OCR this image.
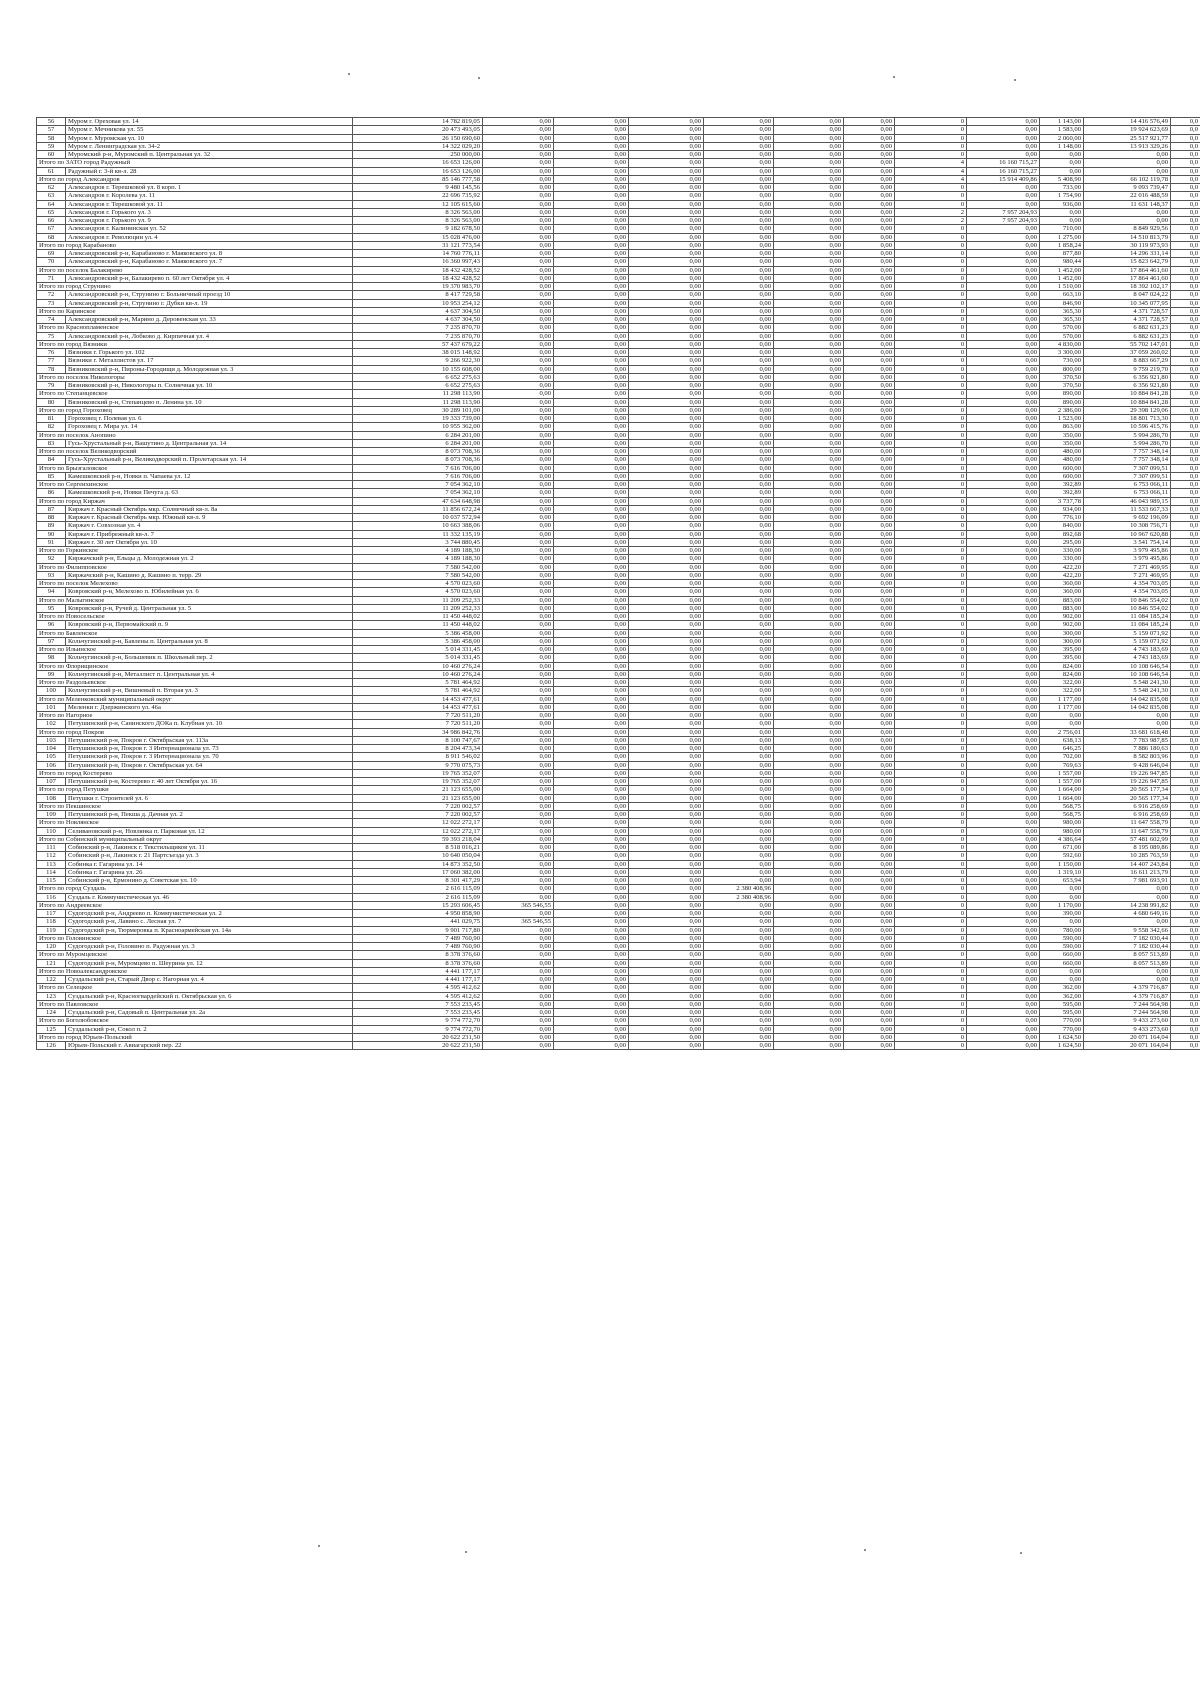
56	Муром г. Ореховая ул. 14	14 782 819,05	0,00	0,00	0,00	0,00	0,00	0,00	0	0,00	1 143,00	14 416 576,49	0,0
57	Муром г. Мечникова ул. 55	20 473 493,05	0,00	0,00	0,00	0,00	0,00	0,00	0	0,00	1 583,00	19 924 623,69	0,0
58	Муром г. Муромская ул. 10	26 150 690,60	0,00	0,00	0,00	0,00	0,00	0,00	0	0,00	2 060,00	25 517 921,77	0,0
59	Муром г. Ленинградская ул. 34-2	14 322 029,20	0,00	0,00	0,00	0,00	0,00	0,00	0	0,00	1 148,00	13 913 329,26	0,0
60	Муромский р-н, Муромский п. Центральная ул. 32	250 000,00	0,00	0,00	0,00	0,00	0,00	0,00	0	0,00	0,00	0,00	0,0
Итого по ЗАТО город Радужный		16 653 126,00	0,00	0,00	0,00	0,00	0,00	0,00	4	16 160 715,27	0,00	0,00	0,0
61	Радужный г. 3-й кв-л. 28	16 653 126,00	0,00	0,00	0,00	0,00	0,00	0,00	4	16 160 715,27	0,00	0,00	0,0
Итого по город Александров		85 146 777,58	0,00	0,00	0,00	0,00	0,00	0,00	4	15 914 409,86	5 408,90	66 102 119,78	0,0
62	Александров г. Терешковой ул. 8 корп. 1	9 480 145,56	0,00	0,00	0,00	0,00	0,00	0,00	0	0,00	733,00	9 093 739,47	0,0
63	Александров г. Королева ул. 11	22 696 735,92	0,00	0,00	0,00	0,00	0,00	0,00	0	0,00	1 754,90	22 016 488,59	0,0
64	Александров г. Терешковой ул. 11	12 105 615,60	0,00	0,00	0,00	0,00	0,00	0,00	0	0,00	936,00	11 631 148,37	0,0
65	Александров г. Горького ул. 3	8 326 563,00	0,00	0,00	0,00	0,00	0,00	0,00	2	7 957 204,93	0,00	0,00	0,0
66	Александров г. Горького ул. 9	8 326 563,00	0,00	0,00	0,00	0,00	0,00	0,00	2	7 957 204,93	0,00	0,00	0,0
67	Александров г. Калининская ул. 52	9 182 678,50	0,00	0,00	0,00	0,00	0,00	0,00	0	0,00	710,00	8 849 929,56	0,0
68	Александров г. Революции ул. 4	15 028 476,00	0,00	0,00	0,00	0,00	0,00	0,00	0	0,00	1 275,00	14 510 813,79	0,0
Итого по город Карабаново		31 121 773,54	0,00	0,00	0,00	0,00	0,00	0,00	0	0,00	1 858,24	30 119 973,93	0,0
69	Александровский р-н, Карабаново г. Маяковского ул. 8	14 760 776,11	0,00	0,00	0,00	0,00	0,00	0,00	0	0,00	877,80	14 296 331,14	0,0
70	Александровский р-н, Карабаново г. Маяковского ул. 7	16 360 997,43	0,00	0,00	0,00	0,00	0,00	0,00	0	0,00	980,44	15 823 642,79	0,0
Итого по поселок Балакирево		18 432 428,52	0,00	0,00	0,00	0,00	0,00	0,00	0	0,00	1 452,00	17 864 461,60	0,0
71	Александровский р-н, Балакирево п. 60 лет Октября ул. 4	18 432 428,52	0,00	0,00	0,00	0,00	0,00	0,00	0	0,00	1 452,00	17 864 461,60	0,0
Итого по город Струнино		19 370 983,70	0,00	0,00	0,00	0,00	0,00	0,00	0	0,00	1 510,00	18 392 102,17	0,0
72	Александровский р-н, Струнино г. Больничный проезд 10	8 417 729,58	0,00	0,00	0,00	0,00	0,00	0,00	0	0,00	663,10	8 047 024,22	0,0
73	Александровский р-н, Струнино г. Дубки кв-л. 19	10 953 254,12	0,00	0,00	0,00	0,00	0,00	0,00	0	0,00	846,90	10 345 077,95	0,0
Итого по Каринское		4 637 304,50	0,00	0,00	0,00	0,00	0,00	0,00	0	0,00	365,30	4 371 728,57	0,0
74	Александровский р-н, Марино д. Деровенская ул. 33	4 637 304,50	0,00	0,00	0,00	0,00	0,00	0,00	0	0,00	365,30	4 371 728,57	0,0
Итого по Краснопламенское		7 235 870,70	0,00	0,00	0,00	0,00	0,00	0,00	0	0,00	570,00	6 882 631,23	0,0
75	Александровский р-н, Лобково д. Кирпичная ул. 4	7 235 870,70	0,00	0,00	0,00	0,00	0,00	0,00	0	0,00	570,00	6 882 631,23	0,0
Итого по город Вязники		57 437 679,22	0,00	0,00	0,00	0,00	0,00	0,00	0	0,00	4 830,00	55 702 147,01	0,0
76	Вязники г. Горького ул. 102	38 015 148,92	0,00	0,00	0,00	0,00	0,00	0,00	0	0,00	3 300,00	37 059 260,02	0,0
77	Вязники г. Металлистов ул. 17	9 266 922,30	0,00	0,00	0,00	0,00	0,00	0,00	0	0,00	730,00	8 883 667,29	0,0
78	Вязниковский р-н, Пироны-Городищи д. Молодежная ул. 3	10 155 608,00	0,00	0,00	0,00	0,00	0,00	0,00	0	0,00	800,00	9 759 219,70	0,0
Итого по поселок Никологоры		6 652 275,63	0,00	0,00	0,00	0,00	0,00	0,00	0	0,00	370,50	6 356 921,80	0,0
79	Вязниковский р-н, Никологоры п. Солнечная ул. 10	6 652 275,63	0,00	0,00	0,00	0,00	0,00	0,00	0	0,00	370,50	6 356 921,80	0,0
Итого по Степанцевское		11 298 113,90	0,00	0,00	0,00	0,00	0,00	0,00	0	0,00	890,00	10 884 841,28	0,0
80	Вязниковский р-н, Степанцево п. Ленина ул. 10	11 298 113,90	0,00	0,00	0,00	0,00	0,00	0,00	0	0,00	890,00	10 884 841,28	0,0
Итого по город Гороховец		30 289 101,00	0,00	0,00	0,00	0,00	0,00	0,00	0	0,00	2 386,00	29 398 129,06	0,0
81	Гороховец г. Полевая ул. 6	19 333 739,00	0,00	0,00	0,00	0,00	0,00	0,00	0	0,00	1 523,00	18 801 713,30	0,0
82	Гороховец г. Мира ул. 14	10 955 362,00	0,00	0,00	0,00	0,00	0,00	0,00	0	0,00	863,00	10 596 415,76	0,0
Итого по поселок Анопино		6 284 201,00	0,00	0,00	0,00	0,00	0,00	0,00	0	0,00	350,00	5 994 286,70	0,0
83	Гусь-Хрустальный р-н, Вашутино д. Центральная ул. 14	6 284 201,00	0,00	0,00	0,00	0,00	0,00	0,00	0	0,00	350,00	5 994 286,70	0,0
Итого по поселок Великодворский		8 073 708,36	0,00	0,00	0,00	0,00	0,00	0,00	0	0,00	480,00	7 757 348,14	0,0
84	Гусь-Хрустальный р-н, Великодворский п. Пролетарская ул. 14	8 073 708,36	0,00	0,00	0,00	0,00	0,00	0,00	0	0,00	480,00	7 757 348,14	0,0
Итого по Брызгаловское		7 616 706,00	0,00	0,00	0,00	0,00	0,00	0,00	0	0,00	600,00	7 307 099,51	0,0
85	Камешковский р-н, Новки п. Чапаева ул. 12	7 616 706,00	0,00	0,00	0,00	0,00	0,00	0,00	0	0,00	600,00	7 307 099,51	0,0
Итого по Сергеихинское		7 054 362,10	0,00	0,00	0,00	0,00	0,00	0,00	0	0,00	392,89	6 753 066,11	0,0
86	Камешковский р-н, Новки Печуга д. 63	7 054 362,10	0,00	0,00	0,00	0,00	0,00	0,00	0	0,00	392,89	6 753 066,11	0,0
Итого по город Киржач		47 634 648,98	0,00	0,00	0,00	0,00	0,00	0,00	0	0,00	3 737,78	46 043 989,15	0,0
87	Киржач г. Красный Октябрь мкр. Солнечный кв-л. 8а	11 856 672,24	0,00	0,00	0,00	0,00	0,00	0,00	0	0,00	934,00	11 533 667,33	0,0
88	Киржач г. Красный Октябрь мкр. Южный кв-л. 9	10 037 572,94	0,00	0,00	0,00	0,00	0,00	0,00	0	0,00	776,10	9 692 196,09	0,0
89	Киржач г. Совхозная ул. 4	10 663 388,06	0,00	0,00	0,00	0,00	0,00	0,00	0	0,00	840,00	10 308 756,71	0,0
90	Киржач г. Прибрежный кв-л. 7	11 332 135,19	0,00	0,00	0,00	0,00	0,00	0,00	0	0,00	892,68	10 967 620,88	0,0
91	Киржач г. 30 лет Октября ул. 10	3 744 880,45	0,00	0,00	0,00	0,00	0,00	0,00	0	0,00	295,00	3 541 754,14	0,0
Итого по Горкинское		4 189 188,30	0,00	0,00	0,00	0,00	0,00	0,00	0	0,00	330,00	3 979 495,86	0,0
92	Киржачский р-н, Ельцы д. Молодежная ул. 2	4 189 188,30	0,00	0,00	0,00	0,00	0,00	0,00	0	0,00	330,00	3 979 495,86	0,0
Итого по Филипповское		7 580 542,00	0,00	0,00	0,00	0,00	0,00	0,00	0	0,00	422,20	7 271 469,95	0,0
93	Киржачский р-н, Кашино д. Кашино п. терр. 29	7 580 542,00	0,00	0,00	0,00	0,00	0,00	0,00	0	0,00	422,20	7 271 469,95	0,0
Итого по поселок Мелехово		4 570 023,60	0,00	0,00	0,00	0,00	0,00	0,00	0	0,00	360,00	4 354 703,05	0,0
94	Ковровский р-н, Мелехово п. Юбилейная ул. 6	4 570 023,60	0,00	0,00	0,00	0,00	0,00	0,00	0	0,00	360,00	4 354 703,05	0,0
Итого по Малыгинское		11 209 252,33	0,00	0,00	0,00	0,00	0,00	0,00	0	0,00	883,00	10 846 554,02	0,0
95	Ковровский р-н, Ручей д. Центральная ул. 5	11 209 252,33	0,00	0,00	0,00	0,00	0,00	0,00	0	0,00	883,00	10 846 554,02	0,0
Итого по Новосельское		11 450 448,02	0,00	0,00	0,00	0,00	0,00	0,00	0	0,00	902,00	11 084 185,24	0,0
96	Ковровский р-н, Первомайский п. 9	11 450 448,02	0,00	0,00	0,00	0,00	0,00	0,00	0	0,00	902,00	11 084 185,24	0,0
Итого по Бавленское		5 386 458,00	0,00	0,00	0,00	0,00	0,00	0,00	0	0,00	300,00	5 159 071,92	0,0
97	Кольчугинский р-н, Бавлены п. Центральная ул. 8	5 386 458,00	0,00	0,00	0,00	0,00	0,00	0,00	0	0,00	300,00	5 159 071,92	0,0
Итого по Ильинское		5 014 331,45	0,00	0,00	0,00	0,00	0,00	0,00	0	0,00	395,00	4 743 183,69	0,0
98	Кольчугинский р-н, Большевик п. Школьный пер. 2	5 014 331,45	0,00	0,00	0,00	0,00	0,00	0,00	0	0,00	395,00	4 743 183,69	0,0
Итого по Флорищинское		10 460 276,24	0,00	0,00	0,00	0,00	0,00	0,00	0	0,00	824,00	10 108 646,54	0,0
99	Кольчугинский р-н, Металлист п. Центральная ул. 4	10 460 276,24	0,00	0,00	0,00	0,00	0,00	0,00	0	0,00	824,00	10 108 646,54	0,0
Итого по Раздольевское		5 781 464,92	0,00	0,00	0,00	0,00	0,00	0,00	0	0,00	322,00	5 548 241,30	0,0
100	Кольчугинский р-н, Вишневый п. Вторая ул. 3	5 781 464,92	0,00	0,00	0,00	0,00	0,00	0,00	0	0,00	322,00	5 548 241,30	0,0
Итого по Меленковский муниципальный округ		14 453 477,61	0,00	0,00	0,00	0,00	0,00	0,00	0	0,00	1 177,00	14 042 835,08	0,0
101	Меленки г. Дзержинского ул. 46а	14 453 477,61	0,00	0,00	0,00	0,00	0,00	0,00	0	0,00	1 177,00	14 042 835,08	0,0
Итого по Нагорное		7 720 511,20	0,00	0,00	0,00	0,00	0,00	0,00	0	0,00	0,00	0,00	0,0
102	Петушинский р-н, Санинского ДОКа п. Клубная ул. 10	7 720 511,20	0,00	0,00	0,00	0,00	0,00	0,00	0	0,00	0,00	0,00	0,0
Итого по город Покров		34 986 842,76	0,00	0,00	0,00	0,00	0,00	0,00	0	0,00	2 756,01	33 681 618,48	0,0
103	Петушинский р-н, Покров г. Октябрьская ул. 113а	8 100 747,67	0,00	0,00	0,00	0,00	0,00	0,00	0	0,00	638,13	7 783 987,85	0,0
104	Петушинский р-н, Покров г. 3 Интернационала ул. 73	8 204 473,34	0,00	0,00	0,00	0,00	0,00	0,00	0	0,00	646,25	7 886 180,63	0,0
105	Петушинский р-н, Покров г. 3 Интернационала ул. 70	8 911 546,02	0,00	0,00	0,00	0,00	0,00	0,00	0	0,00	702,00	8 582 803,96	0,0
106	Петушинский р-н, Покров г. Октябрьская ул. 64	9 770 075,73	0,00	0,00	0,00	0,00	0,00	0,00	0	0,00	769,63	9 428 646,04	0,0
Итого по город Костерево		19 765 352,07	0,00	0,00	0,00	0,00	0,00	0,00	0	0,00	1 557,00	19 226 947,85	0,0
107	Петушинский р-н, Костерево г. 40 лет Октября ул. 16	19 765 352,07	0,00	0,00	0,00	0,00	0,00	0,00	0	0,00	1 557,00	19 226 947,85	0,0
Итого по город Петушки		21 123 655,00	0,00	0,00	0,00	0,00	0,00	0,00	0	0,00	1 664,00	20 565 177,34	0,0
108	Петушки г. Строителей ул. 6	21 123 655,00	0,00	0,00	0,00	0,00	0,00	0,00	0	0,00	1 664,00	20 565 177,34	0,0
Итого по Пекшинское		7 220 002,57	0,00	0,00	0,00	0,00	0,00	0,00	0	0,00	568,75	6 916 258,69	0,0
109	Петушинский р-н, Пекша д. Дачная ул. 2	7 220 002,57	0,00	0,00	0,00	0,00	0,00	0,00	0	0,00	568,75	6 916 258,69	0,0
Итого по Новлянское		12 022 272,17	0,00	0,00	0,00	0,00	0,00	0,00	0	0,00	980,00	11 647 558,79	0,0
110	Селивановский р-н, Новлянка п. Парковая ул. 12	12 022 272,17	0,00	0,00	0,00	0,00	0,00	0,00	0	0,00	980,00	11 647 558,79	0,0
Итого по Собинский муниципальный округ		59 393 218,04	0,00	0,00	0,00	0,00	0,00	0,00	0	0,00	4 386,64	57 481 602,99	0,0
111	Собинский р-н, Лакинск г. Текстильщиков ул. 11	8 518 016,21	0,00	0,00	0,00	0,00	0,00	0,00	0	0,00	671,00	8 195 089,86	0,0
112	Собинский р-н, Лакинск г. 21 Партсъезда ул. 3	10 640 050,04	0,00	0,00	0,00	0,00	0,00	0,00	0	0,00	592,60	10 285 763,59	0,0
113	Собинка г. Гагарина ул. 14	14 873 352,50	0,00	0,00	0,00	0,00	0,00	0,00	0	0,00	1 150,00	14 407 243,84	0,0
114	Собинка г. Гагарина ул. 26	17 060 382,00	0,00	0,00	0,00	0,00	0,00	0,00	0	0,00	1 319,10	16 611 213,79	0,0
115	Собинский р-н, Ермонино д. Советская ул. 10	8 301 417,29	0,00	0,00	0,00	0,00	0,00	0,00	0	0,00	653,94	7 981 693,91	0,0
Итого по город Суздаль		2 616 115,09	0,00	0,00	0,00	2 380 408,96	0,00	0,00	0	0,00	0,00	0,00	0,0
116	Суздаль г. Коммунистическая ул. 46	2 616 115,09	0,00	0,00	0,00	2 380 408,96	0,00	0,00	0	0,00	0,00	0,00	0,0
Итого по Андреевское		15 293 606,45	365 546,55	0,00	0,00	0,00	0,00	0,00	0	0,00	1 170,00	14 238 991,82	0,0
117	Судогодский р-н, Андреево п. Коммунистическая ул. 2	4 950 858,90	0,00	0,00	0,00	0,00	0,00	0,00	0	0,00	390,00	4 680 649,16	0,0
118	Судогодский р-н, Лавино с. Лесная ул. 7	441 029,75	365 546,55	0,00	0,00	0,00	0,00	0,00	0	0,00	0,00	0,00	0,0
119	Судогодский р-н, Тюрмеровка п. Красноармейская ул. 14а	9 901 717,80	0,00	0,00	0,00	0,00	0,00	0,00	0	0,00	780,00	9 558 342,66	0,0
Итого по Головинское		7 489 760,90	0,00	0,00	0,00	0,00	0,00	0,00	0	0,00	590,00	7 182 030,44	0,0
120	Судогодский р-н, Головино п. Радужная ул. 3	7 489 760,90	0,00	0,00	0,00	0,00	0,00	0,00	0	0,00	590,00	7 182 030,44	0,0
Итого по Муромцевское		8 378 376,60	0,00	0,00	0,00	0,00	0,00	0,00	0	0,00	660,00	8 057 513,89	0,0
121	Судогодский р-н, Муромцево п. Шеурина ул. 12	8 378 376,60	0,00	0,00	0,00	0,00	0,00	0,00	0	0,00	660,00	8 057 513,89	0,0
Итого по Новоалександровское		4 441 177,17	0,00	0,00	0,00	0,00	0,00	0,00	0	0,00	0,00	0,00	0,0
122	Суздальский р-н, Старый Двор с. Нагорная ул. 4	4 441 177,17	0,00	0,00	0,00	0,00	0,00	0,00	0	0,00	0,00	0,00	0,0
Итого по Селецкое		4 595 412,62	0,00	0,00	0,00	0,00	0,00	0,00	0	0,00	362,00	4 379 716,87	0,0
123	Суздальский р-н, Красногвардейский п. Октябрьская ул. 6	4 595 412,62	0,00	0,00	0,00	0,00	0,00	0,00	0	0,00	362,00	4 379 716,87	0,0
Итого по Павловское		7 553 233,45	0,00	0,00	0,00	0,00	0,00	0,00	0	0,00	595,00	7 244 564,98	0,0
124	Суздальский р-н, Садовый п. Центральная ул. 2а	7 553 233,45	0,00	0,00	0,00	0,00	0,00	0,00	0	0,00	595,00	7 244 564,98	0,0
Итого по Боголюбовское		9 774 772,70	0,00	0,00	0,00	0,00	0,00	0,00	0	0,00	770,00	9 433 273,60	0,0
125	Суздальский р-н, Сокол п. 2	9 774 772,70	0,00	0,00	0,00	0,00	0,00	0,00	0	0,00	770,00	9 433 273,60	0,0
Итого по город Юрьев-Польский		20 622 231,50	0,00	0,00	0,00	0,00	0,00	0,00	0	0,00	1 624,50	20 071 164,04	0,0
126	Юрьев-Польский г. Авиагарский пер. 22	20 622 231,50	0,00	0,00	0,00	0,00	0,00	0,00	0	0,00	1 624,50	20 071 164,04	0,0
